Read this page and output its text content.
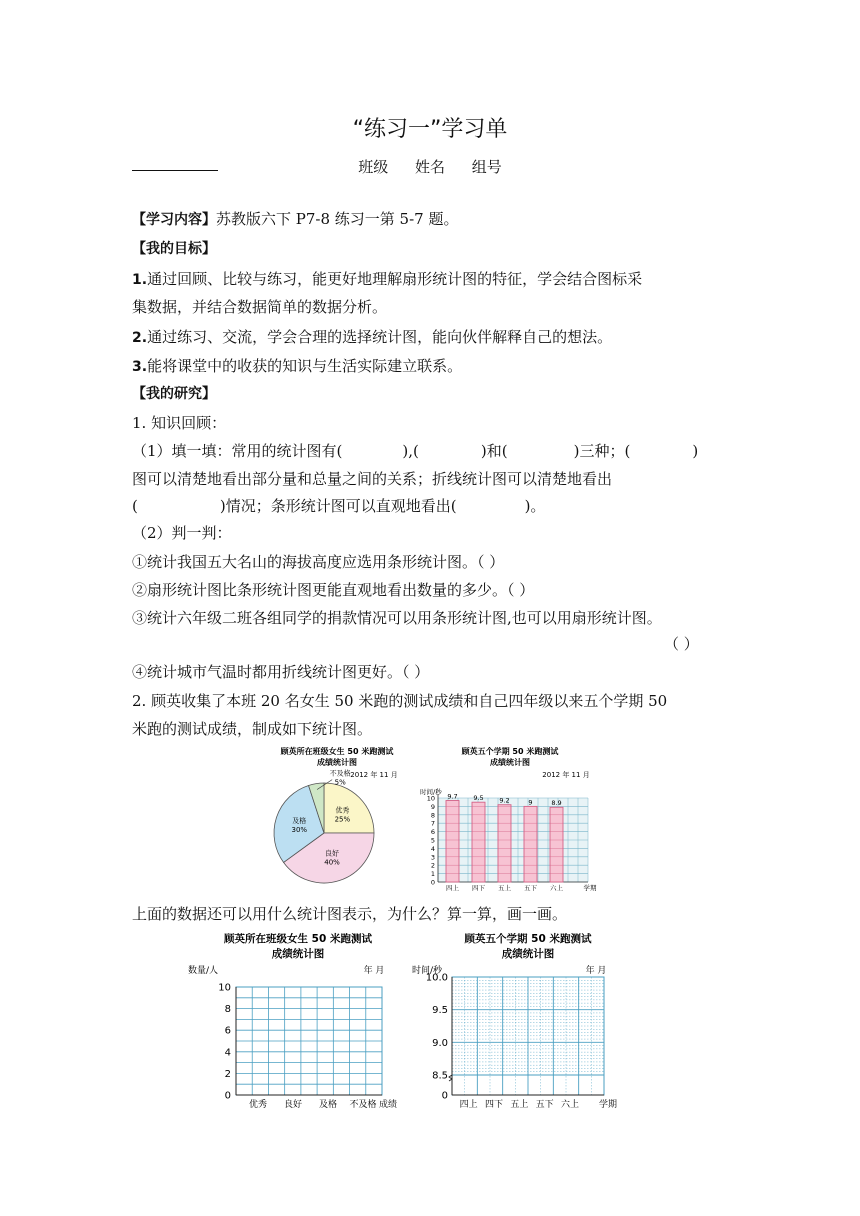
“练习一”学习单
班级 姓名 组号
【学习内容】苏教版六下 P7-8 练习一第 5-7 题。
【我的目标】
1.通过回顾、比较与练习，能更好地理解扇形统计图的特征，学会结合图标采
集数据，并结合数据简单的数据分析。
2.通过练习、交流，学会合理的选择统计图，能向伙伴解释自己的想法。
3.能将课堂中的收获的知识与生活实际建立联系。
【我的研究】
1. 知识回顾：
（1）填一填：常用的统计图有(	),(	)和(	)三种；(	)
图可以清楚地看出部分量和总量之间的关系；折线统计图可以清楚地看出
(	)情况；条形统计图可以直观地看出(	)。
（2）判一判：
①统计我国五大名山的海拔高度应选用条形统计图。（ ）
②扇形统计图比条形统计图更能直观地看出数量的多少。（ ）
③统计六年级二班各组同学的捐款情况可以用条形统计图,也可以用扇形统计图。
（ ）
④统计城市气温时都用折线统计图更好。（ ）
2. 顾英收集了本班 20 名女生 50 米跑的测试成绩和自己四年级以来五个学期 50
米跑的测试成绩，制成如下统计图。
上面的数据还可以用什么统计图表示，为什么？算一算，画一画。
顾英所在班级女生 50 米跑测试
成绩统计图
2012 年 11 月
优秀
25%
良好
40%
及格
30%
不及格
5%
顾英五个学期 50 米跑测试
成绩统计图
2012 年 11 月
时间/秒
0
1
2
3
4
5
6
7
8
9
10 9.7
四上
9.5
四下
9.2
五上
9
五下
8.9
六上	学期
顾英所在班级女生 50 米跑测试
成绩统计图
数量/人	年 月
0
2
4
6
8
10
优秀 良好 及格 不及格 成绩
顾英五个学期 50 米跑测试
成绩统计图
时间/秒	年 月
0
8.5
9.0
9.5
10.0
四上 四下 五上 五下 六上 学期
